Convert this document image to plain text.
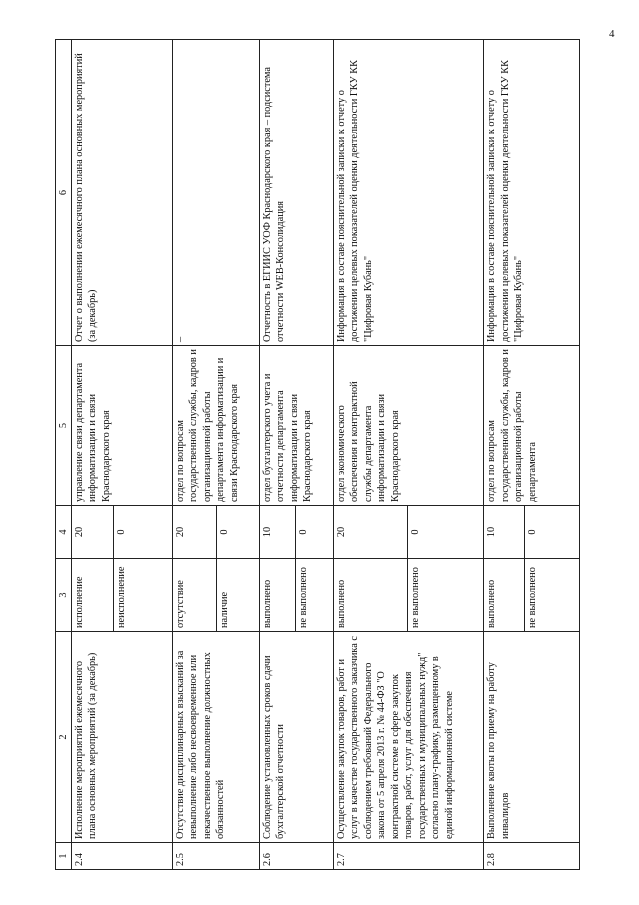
4
1	2	3	4	5	6
2.4	Исполнение мероприятий ежемесячного плана основных мероприятий (за декабрь)	исполнение	20	управление связи департамента информатизации и связи Краснодарского края	Отчет о выполнении ежемесячного плана основных мероприятий (за декабрь)
		неисполнение	0		
2.5	Отсутствие дисциплинарных взысканий за невыполнение либо несвоевременное или некачественное выполнение должностных обязанностей	отсутствие	20	отдел по вопросам государственной службы, кадров и организационной работы департамента информатизации и связи Краснодарского края	–
		наличие	0		
2.6	Соблюдение установленных сроков сдачи бухгалтерской отчетности	выполнено	10	отдел бухгалтерского учета и отчетности департамента информатизации и связи Краснодарского края	Отчетность в ЕГИИС УОФ Краснодарского края – подсистема отчетности WEB-Консолидация
		не выполнено	0		
2.7	Осуществление закупок товаров, работ и услуг в качестве государственного заказчика с соблюдением требований Федерального закона от 5 апреля 2013 г. № 44-ФЗ "О контрактной системе в сфере закупок товаров, работ, услуг для обеспечения государственных и муниципальных нужд" согласно плану-графику, размещенному в единой информационной системе	выполнено	20	отдел экономического обеспечения и контрактной службы департамента информатизации и связи Краснодарского края	Информация в составе пояснительной записки к отчету о достижении целевых показателей оценки деятельности ГКУ КК "Цифровая Кубань"
		не выполнено	0		
2.8	Выполнение квоты по приему на работу инвалидов	выполнено	10	отдел по вопросам государственной службы, кадров и организационной работы департамента	Информация в составе пояснительной записки к отчету о достижении целевых показателей оценки деятельности ГКУ КК "Цифровая Кубань"
		не выполнено	0		
